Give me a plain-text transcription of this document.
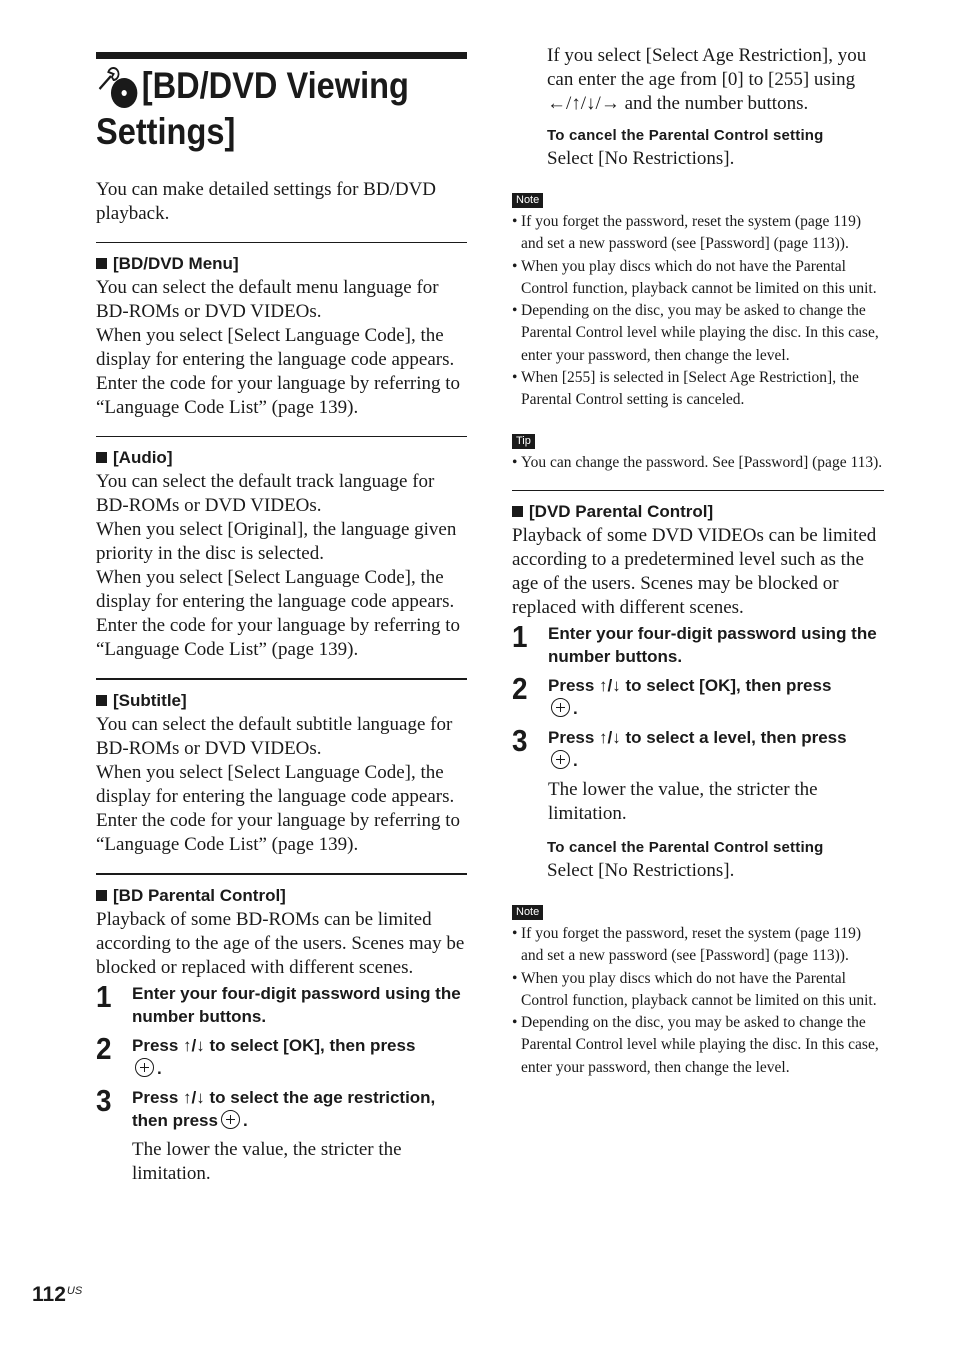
[BD/DVD Viewing
Settings]

You can make detailed settings for BD/DVD playback.

[BD/DVD Menu]

You can select the default menu language for BD-ROMs or DVD VIDEOs.

When you select [Select Language Code], the display for entering the language code appears. Enter the code for your language by referring to “Language Code List” (page 139).

[Audio]

You can select the default track language for BD-ROMs or DVD VIDEOs.

When you select [Original], the language given priority in the disc is selected.

When you select [Select Language Code], the display for entering the language code appears. Enter the code for your language by referring to “Language Code List” (page 139).

[Subtitle]

You can select the default subtitle language for BD-ROMs or DVD VIDEOs.

When you select [Select Language Code], the display for entering the language code appears. Enter the code for your language by referring to “Language Code List” (page 139).

[BD Parental Control]

Playback of some BD-ROMs can be limited according to the age of the users. Scenes may be blocked or replaced with different scenes.

1	Enter your four-digit password using the number buttons.

2	Press ↑/↓ to select [OK], then press
.

3	Press ↑/↓ to select the age restriction, then press .

The lower the value, the stricter the limitation.

If you select [Select Age Restriction], you can enter the age from [0] to [255] using ←/↑/↓/→ and the number buttons.

To cancel the Parental Control setting

Select [No Restrictions].

Note
• If you forget the password, reset the system (page 119) and set a new password (see [Password] (page 113)).
• When you play discs which do not have the Parental Control function, playback cannot be limited on this unit.
• Depending on the disc, you may be asked to change the Parental Control level while playing the disc. In this case, enter your password, then change the level.
• When [255] is selected in [Select Age Restriction], the Parental Control setting is canceled.
Tip
• You can change the password. See [Password] (page 113).

[DVD Parental Control]

Playback of some DVD VIDEOs can be limited according to a predetermined level such as the age of the users. Scenes may be blocked or replaced with different scenes.

1	Enter your four-digit password using the number buttons.

2	Press ↑/↓ to select [OK], then press
.

3	Press ↑/↓ to select a level, then press
.

The lower the value, the stricter the limitation.

To cancel the Parental Control setting

Select [No Restrictions].

Note
• If you forget the password, reset the system (page 119) and set a new password (see [Password] (page 113)).
• When you play discs which do not have the Parental Control function, playback cannot be limited on this unit.
• Depending on the disc, you may be asked to change the Parental Control level while playing the disc. In this case, enter your password, then change the level.
$112^{US}$
